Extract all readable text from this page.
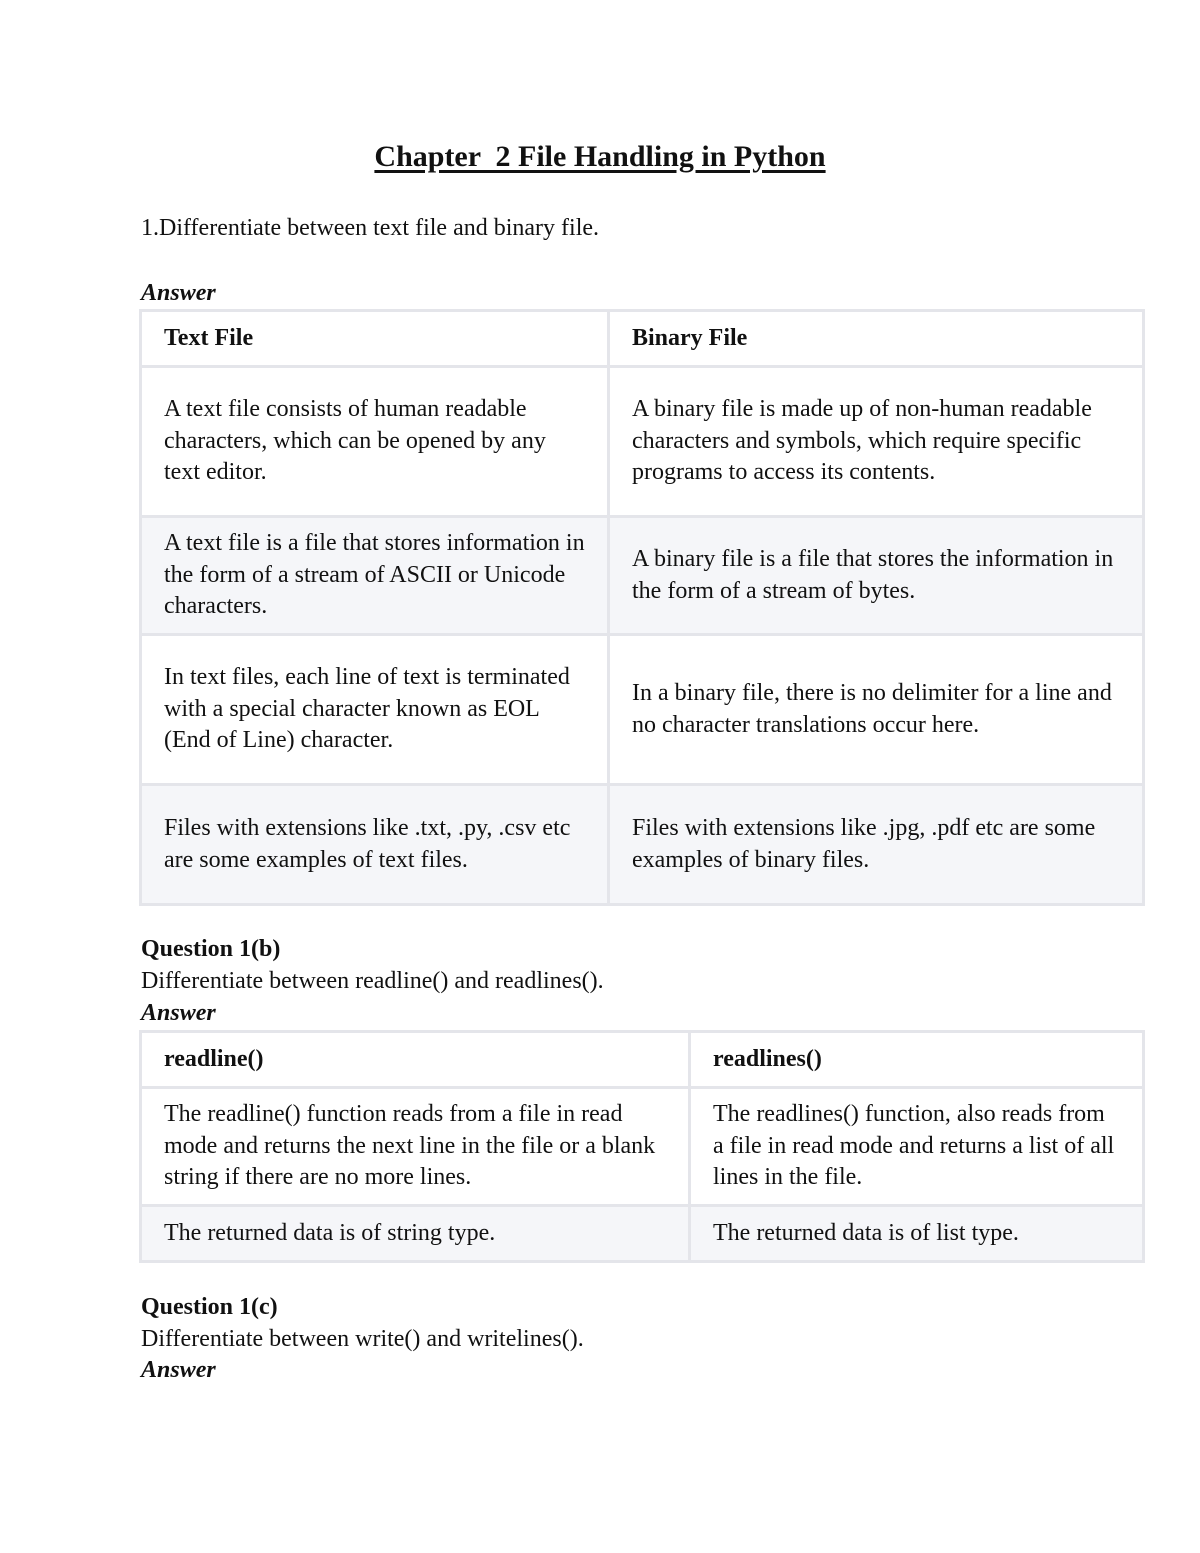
Chapter  2 File Handling in Python
1.Differentiate between text file and binary file.
Answer
Text File	Binary File
A text file consists of human readable characters, which can be opened by any text editor.	A binary file is made up of non-human readable characters and symbols, which require specific programs to access its contents.
A text file is a file that stores information in the form of a stream of ASCII or Unicode characters.	A binary file is a file that stores the information in the form of a stream of bytes.
In text files, each line of text is terminated with a special character known as EOL (End of Line) character.	In a binary file, there is no delimiter for a line and no character translations occur here.
Files with extensions like .txt, .py, .csv etc are some examples of text files.	Files with extensions like .jpg, .pdf etc are some examples of binary files.
Question 1(b)
Differentiate between readline() and readlines().
Answer
readline()	readlines()
The readline() function reads from a file in read mode and returns the next line in the file or a blank string if there are no more lines.	The readlines() function, also reads from a file in read mode and returns a list of all lines in the file.
The returned data is of string type.	The returned data is of list type.
Question 1(c)
Differentiate between write() and writelines().
Answer
